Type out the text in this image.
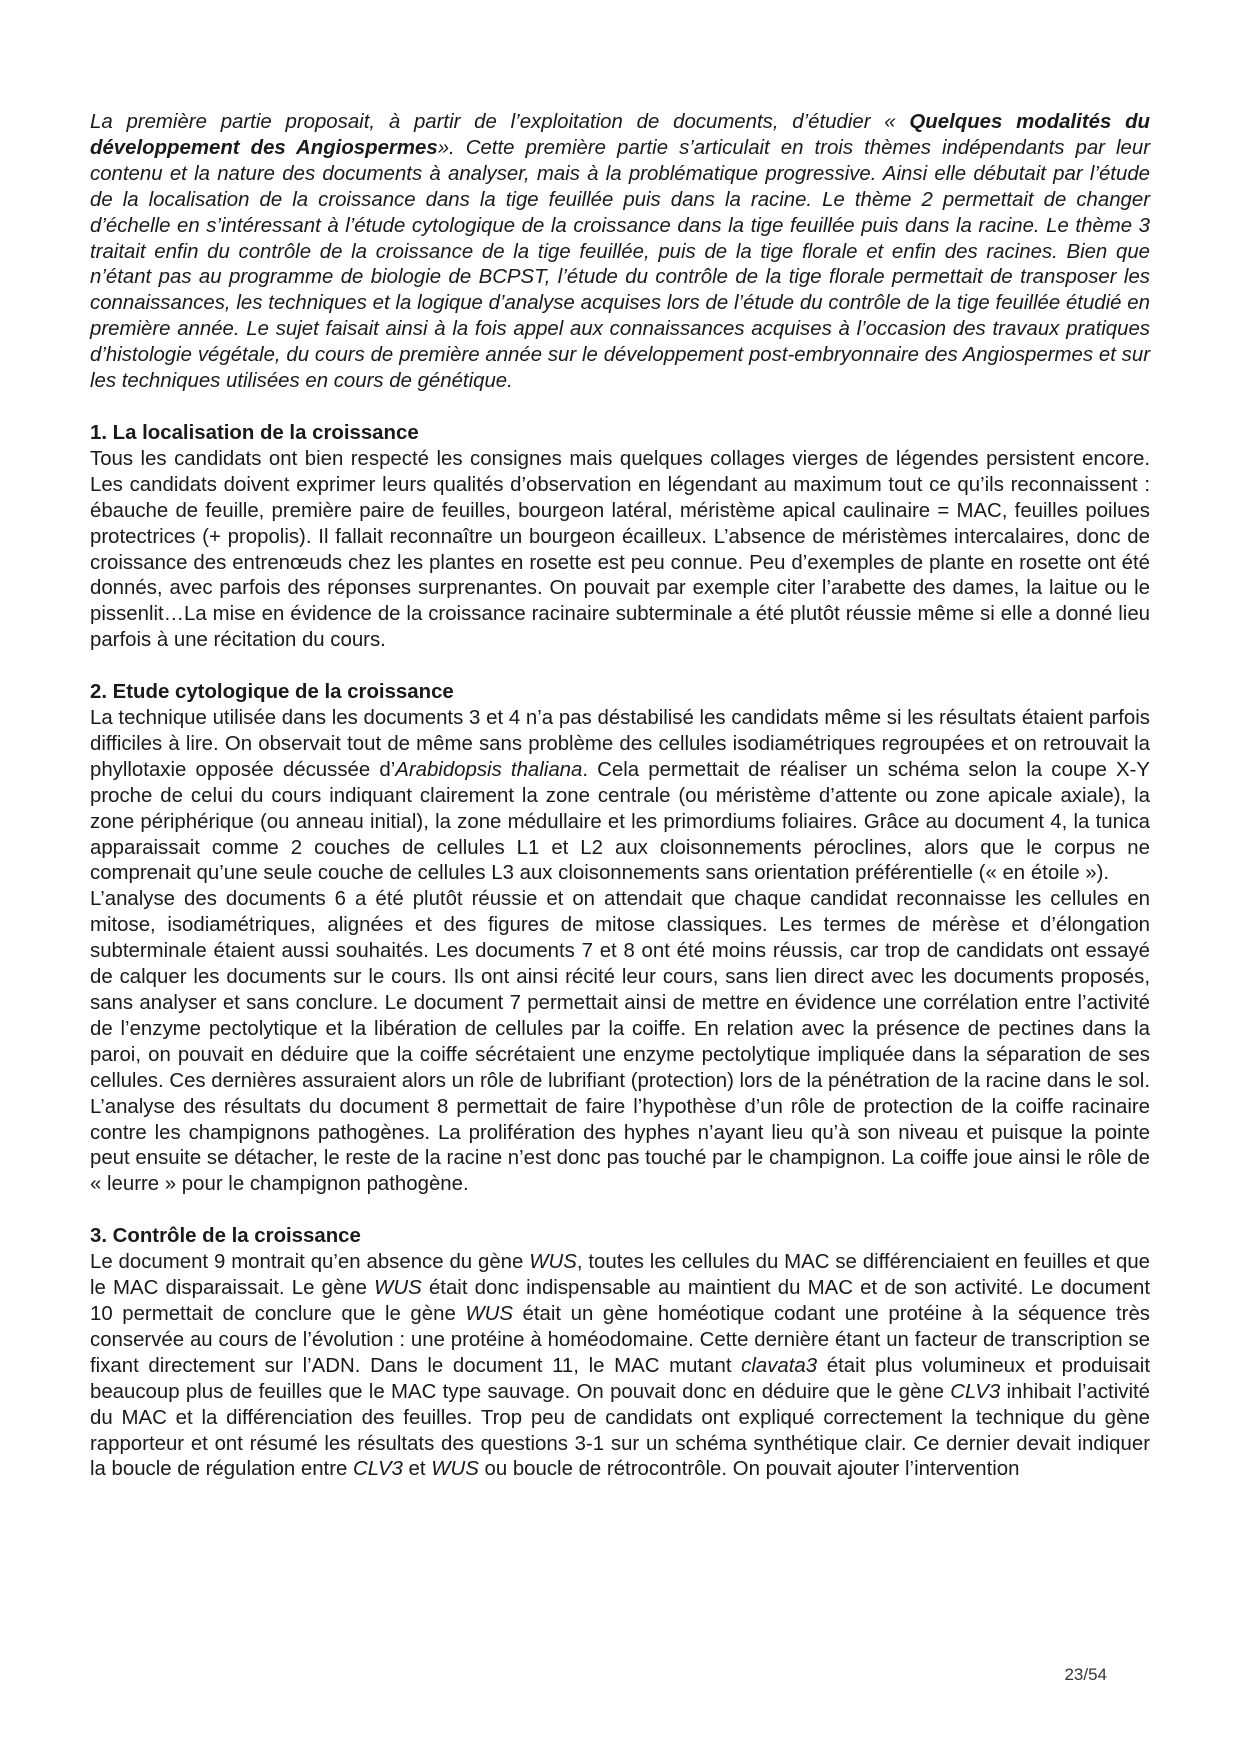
La première partie proposait, à partir de l’exploitation de documents, d’étudier « Quelques modalités du développement des Angiospermes». Cette première partie s’articulait en trois thèmes indépendants par leur contenu et la nature des documents à analyser, mais à la problématique progressive. Ainsi elle débutait par l’étude de la localisation de la croissance dans la tige feuillée puis dans la racine. Le thème 2 permettait de changer d’échelle en s’intéressant à l’étude cytologique de la croissance dans la tige feuillée puis dans la racine. Le thème 3 traitait enfin du contrôle de la croissance de la tige feuillée, puis de la tige florale et enfin des racines. Bien que n’étant pas au programme de biologie de BCPST, l’étude du contrôle de la tige florale permettait de transposer les connaissances, les techniques et la logique d’analyse acquises lors de l’étude du contrôle de la tige feuillée étudié en première année. Le sujet faisait ainsi à la fois appel aux connaissances acquises à l’occasion des travaux pratiques d’histologie végétale, du cours de première année sur le développement post-embryonnaire des Angiospermes et sur les techniques utilisées en cours de génétique.

1. La localisation de la croissance

Tous les candidats ont bien respecté les consignes mais quelques collages vierges de légendes persistent encore. Les candidats doivent exprimer leurs qualités d’observation en légendant au maximum tout ce qu’ils reconnaissent : ébauche de feuille, première paire de feuilles, bourgeon latéral, méristème apical caulinaire = MAC, feuilles poilues protectrices (+ propolis). Il fallait reconnaître un bourgeon écailleux. L’absence de méristèmes intercalaires, donc de croissance des entrenœuds chez les plantes en rosette est peu connue. Peu d’exemples de plante en rosette ont été donnés, avec parfois des réponses surprenantes. On pouvait par exemple citer l’arabette des dames, la laitue ou le pissenlit…La mise en évidence de la croissance racinaire subterminale a été plutôt réussie même si elle a donné lieu parfois à une récitation du cours.

2. Etude cytologique de la croissance

La technique utilisée dans les documents 3 et 4 n’a pas déstabilisé les candidats même si les résultats étaient parfois difficiles à lire. On observait tout de même sans problème des cellules isodiamétriques regroupées et on retrouvait la phyllotaxie opposée décussée d’Arabidopsis thaliana. Cela permettait de réaliser un schéma selon la coupe X-Y proche de celui du cours indiquant clairement la zone centrale (ou méristème d’attente ou zone apicale axiale), la zone périphérique (ou anneau initial), la zone médullaire et les primordiums foliaires. Grâce au document 4, la tunica apparaissait comme 2 couches de cellules L1 et L2 aux cloisonnements péroclines, alors que le corpus ne comprenait qu’une seule couche de cellules L3 aux cloisonnements sans orientation préférentielle (« en étoile »).

L’analyse des documents 6 a été plutôt réussie et on attendait que chaque candidat reconnaisse les cellules en mitose, isodiamétriques, alignées et des figures de mitose classiques. Les termes de mérèse et d’élongation subterminale étaient aussi souhaités. Les documents 7 et 8 ont été moins réussis, car trop de candidats ont essayé de calquer les documents sur le cours. Ils ont ainsi récité leur cours, sans lien direct avec les documents proposés, sans analyser et sans conclure. Le document 7 permettait ainsi de mettre en évidence une corrélation entre l’activité de l’enzyme pectolytique et la libération de cellules par la coiffe. En relation avec la présence de pectines dans la paroi, on pouvait en déduire que la coiffe sécrétaient une enzyme pectolytique impliquée dans la séparation de ses cellules. Ces dernières assuraient alors un rôle de lubrifiant (protection) lors de la pénétration de la racine dans le sol. L’analyse des résultats du document 8 permettait de faire l’hypothèse d’un rôle de protection de la coiffe racinaire contre les champignons pathogènes. La prolifération des hyphes n’ayant lieu qu’à son niveau et puisque la pointe peut ensuite se détacher, le reste de la racine n’est donc pas touché par le champignon. La coiffe joue ainsi le rôle de « leurre » pour le champignon pathogène.

3. Contrôle de la croissance

Le document 9 montrait qu’en absence du gène WUS, toutes les cellules du MAC se différenciaient en feuilles et que le MAC disparaissait. Le gène WUS était donc indispensable au maintient du MAC et de son activité. Le document 10 permettait de conclure que le gène WUS était un gène homéotique codant une protéine à la séquence très conservée au cours de l’évolution : une protéine à homéodomaine. Cette dernière étant un facteur de transcription se fixant directement sur l’ADN. Dans le document 11, le MAC mutant clavata3 était plus volumineux et produisait beaucoup plus de feuilles que le MAC type sauvage. On pouvait donc en déduire que le gène CLV3 inhibait l’activité du MAC et la différenciation des feuilles. Trop peu de candidats ont expliqué correctement la technique du gène rapporteur et ont résumé les résultats des questions 3-1 sur un schéma synthétique clair. Ce dernier devait indiquer la boucle de régulation entre CLV3 et WUS ou boucle de rétrocontrôle. On pouvait ajouter l’intervention

23/54
